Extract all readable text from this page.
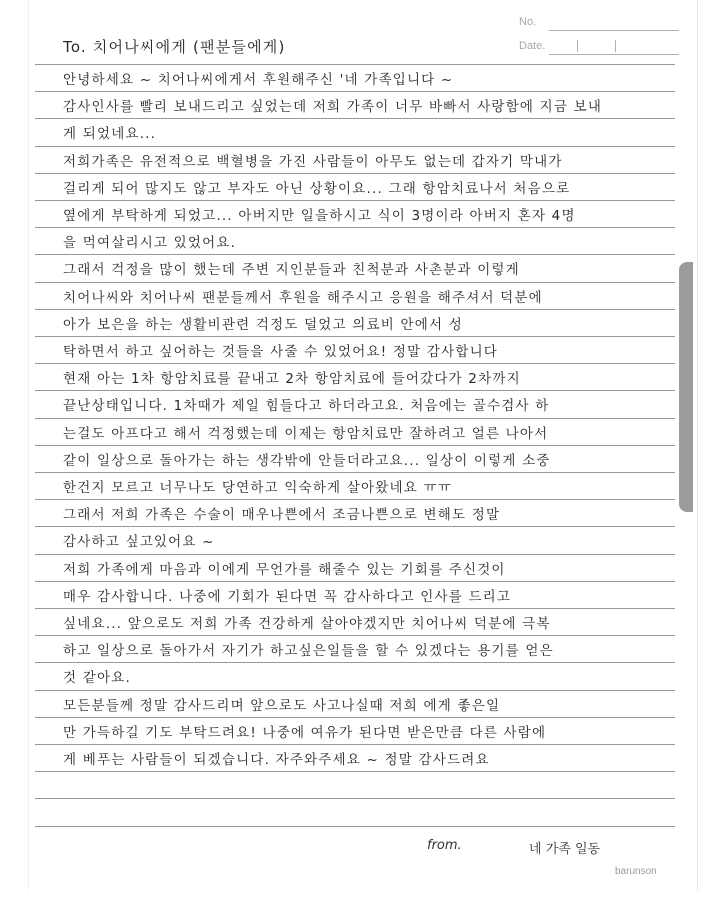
No.
Date.
To. 치어나씨에게 (팬분들에게)
안녕하세요 ~ 치어나씨에게서 후원해주신 '네 가족입니다 ~
감사인사를 빨리 보내드리고 싶었는데 저희 가족이 너무 바빠서 사랑함에 지금 보내
게 되었네요...
저희가족은 유전적으로 백혈병을 가진 사람들이 아무도 없는데 갑자기 막내가
걸리게 되어 많지도 않고 부자도 아닌 상황이요... 그래 항암치료나서 처음으로
옆에게 부탁하게 되었고... 아버지만 일을하시고 식이 3명이라 아버지 혼자 4명
을 먹여살리시고 있었어요.
그래서 걱정을 많이 했는데 주변 지인분들과 친척분과 사촌분과 이렇게
치어나씨와 치어나씨 팬분들께서 후원을 해주시고 응원을 해주셔서 덕분에
아가 보은을 하는 생활비관련 걱정도 덜었고 의료비 안에서 성
탁하면서 하고 싶어하는 것들을 사줄 수 있었어요! 정말 감사합니다
현재 아는 1차 항암치료를 끝내고 2차 항암치료에 들어갔다가 2차까지
끝난상태입니다. 1차때가 제일 힘들다고 하더라고요. 처음에는 골수검사 하
는걸도 아프다고 해서 걱정했는데 이제는 항암치료만 잘하려고 얼른 나아서
같이 일상으로 돌아가는 하는 생각밖에 안들더라고요... 일상이 이렇게 소중
한건지 모르고 너무나도 당연하고 익숙하게 살아왔네요 ㅠㅠ
그래서 저희 가족은 수술이 매우나쁜에서 조금나쁜으로 변해도 정말
감사하고 싶고있어요 ~
저희 가족에게 마음과 이에게 무언가를 해줄수 있는 기회를 주신것이
매우 감사합니다. 나중에 기회가 된다면 꼭 감사하다고 인사를 드리고
싶네요... 앞으로도 저희 가족 건강하게 살아야겠지만 치어나씨 덕분에 극복
하고 일상으로 돌아가서 자기가 하고싶은일들을 할 수 있겠다는 용기를 얻은
것 같아요.
모든분들께 정말 감사드리며 앞으로도 사고나실때 저희 에게 좋은일
만 가득하길 기도 부탁드려요! 나중에 여유가 된다면 받은만큼 다른 사람에
게 베푸는 사람들이 되겠습니다. 자주와주세요 ~ 정말 감사드려요
from.	네 가족 일동
barunson
